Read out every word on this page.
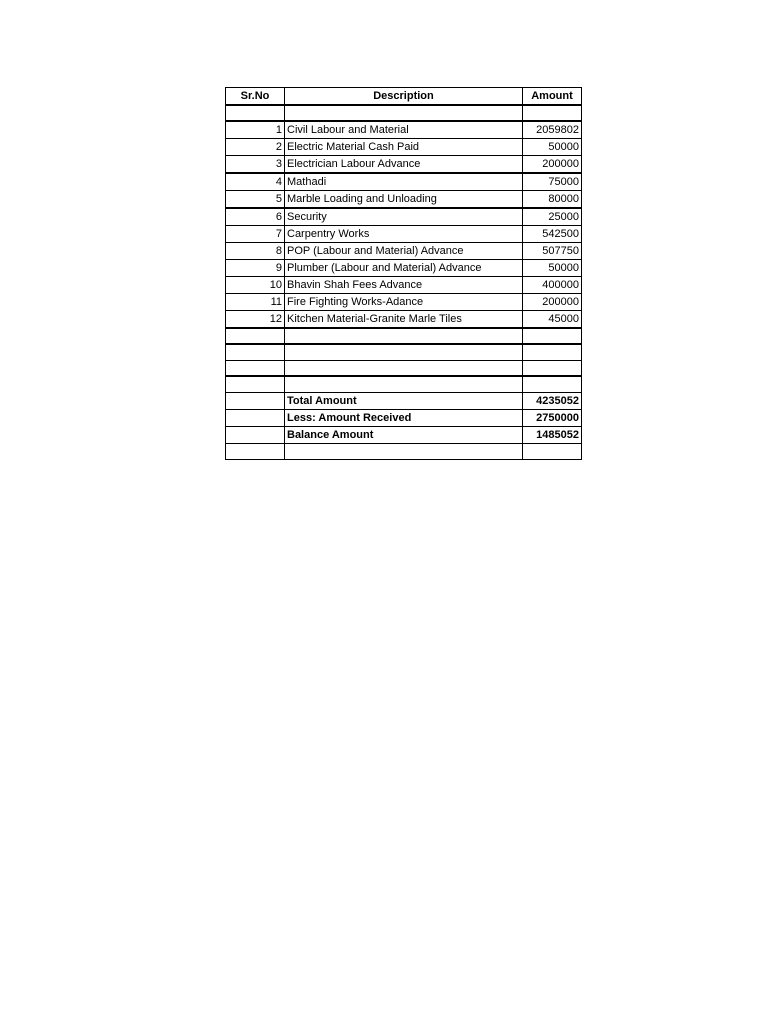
Sr.No	Description	Amount

1	Civil Labour and Material	2059802
2	Electric Material Cash Paid	50000
3	Electrician Labour Advance	200000
4	Mathadi	75000
5	Marble Loading and Unloading	80000
6	Security	25000
7	Carpentry Works	542500
8	POP (Labour and Material) Advance	507750
9	Plumber (Labour and Material) Advance	50000
10	Bhavin Shah Fees Advance	400000
11	Fire Fighting Works-Adance	200000
12	Kitchen Material-Granite Marle Tiles	45000

	Total Amount	4235052
	Less: Amount Received	2750000
	Balance Amount	1485052
